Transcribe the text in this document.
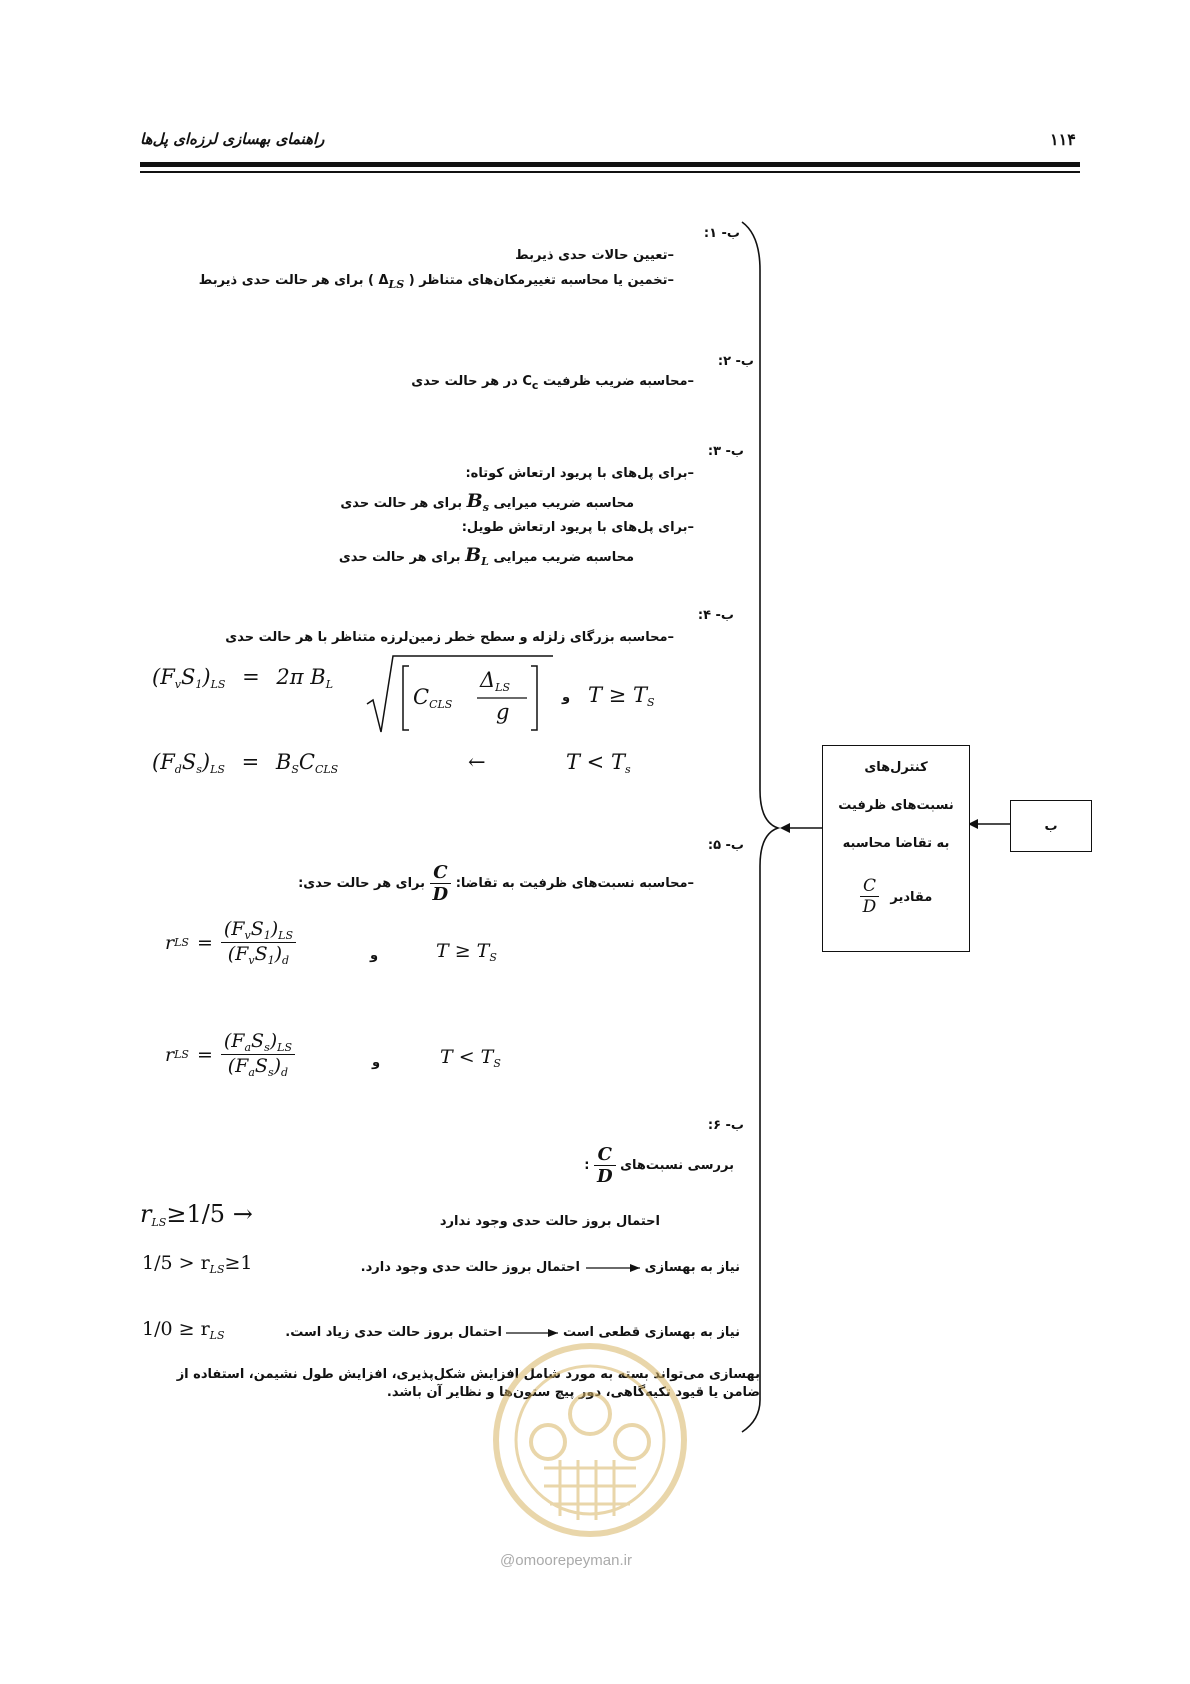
۱۱۴
راهنمای بهسازی لرزه‌ای پل‌ها
ب
کنترل‌های
نسبت‌های ظرفیت
به تقاضا محاسبه
$\frac{C}{D}$ مقادیر
ب- ۱:
–تعیین حالات حدی ذیربط
–تخمین یا محاسبه تغییرمکان‌های متناظر ( $\Delta_{LS}$ ) برای هر حالت حدی ذیربط
ب- ۲:
–محاسبه ضریب ظرفیت $C_c$ در هر حالت حدی
ب- ۳:
–برای پل‌های با پریود ارتعاش کوتاه:
محاسبه ضریب میرایی $B_s$ برای هر حالت حدی
–برای پل‌های با پریود ارتعاش طویل:
محاسبه ضریب میرایی $B_L$ برای هر حالت حدی
ب- ۴:
–محاسبه بزرگای زلزله و سطح خطر زمین‌لرزه متناظر با هر حالت حدی
$(F_vS_1)_{LS} = 2\pi$ $B_L$
$C_{CLS}$
$\Delta_{LS}$
g
و $T \ge T_S$
$(F_dS_s)_{LS} = B_SC_{CLS}$	←	$T < T_s$
ب- ۵:
–محاسبه نسبت‌های ظرفیت به تقاضا:
$\frac{C}{D}$
برای هر حالت حدی:
r LS = $\frac{(F_vS_1)_{LS}}{(F_vS_1)_d}$	و	$T \ge T_S$
r LS = $\frac{(F_aS_s)_{LS}}{(F_aS_s)_d}$	و	$T < T_S$
ب- ۶:
بررسی نسبت‌های
$\frac{C}{D}$
:
$r_{LS}\ge 1/5$ →	احتمال بروز حالت حدی وجود ندارد
$1/5 > r_{LS}\ge 1$	احتمال بروز حالت حدی وجود دارد.	نیاز به بهسازی
$1/0 \ge r_{LS}$	احتمال بروز حالت حدی زیاد است.	نیاز به بهسازی قطعی است
بهسازی می‌تواند بسته به مورد شامل افزایش شکل‌پذیری، افزایش طول نشیمن، استفاده از ضامن یا قیود تکیه‌گاهی، دور پیچ ستون‌ها و نظایر آن باشد.
@omoorepeyman.ir
